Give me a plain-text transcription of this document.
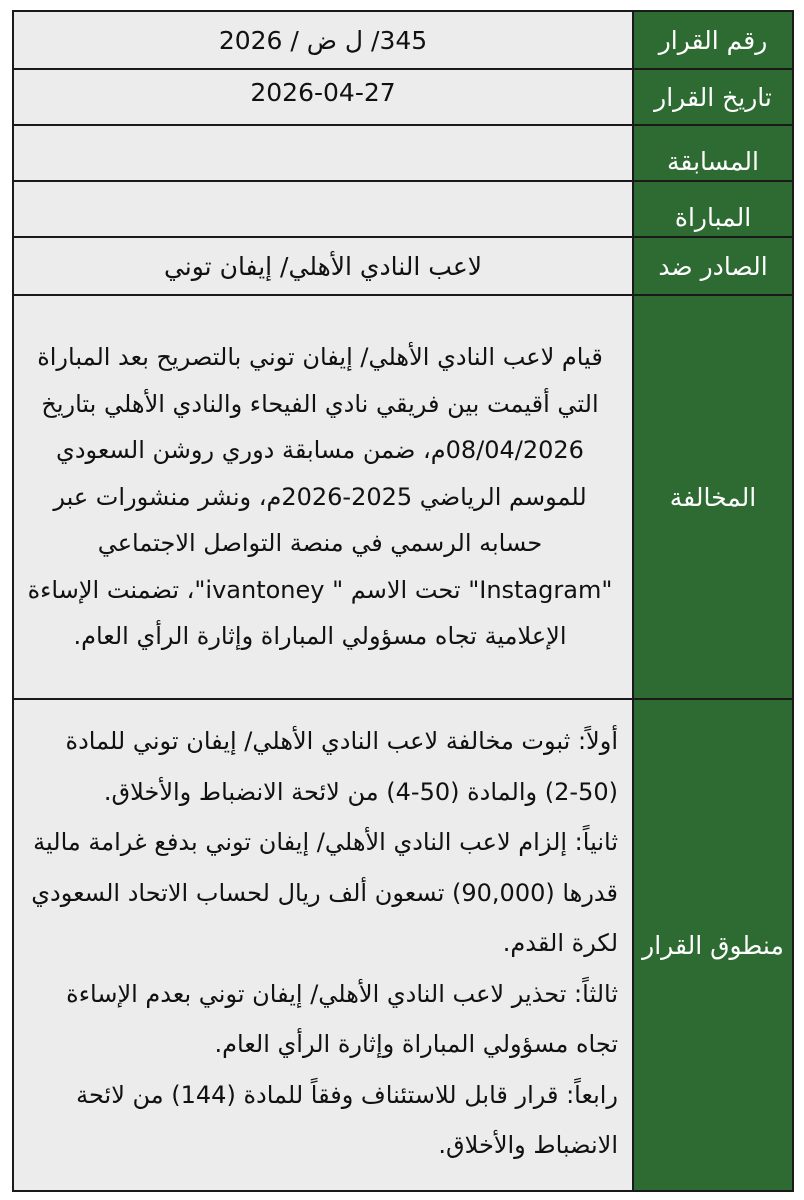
رقم القرار
345/ ل ض / 2026
تاريخ القرار
2026-04-27
المسابقة
المباراة
الصادر ضد
لاعب النادي الأهلي/ إيفان توني
المخالفة
قيام لاعب النادي الأهلي/ إيفان توني بالتصريح بعد المباراة التي أقيمت بين فريقي نادي الفيحاء والنادي الأهلي بتاريخ 08/04/2026م، ضمن مسابقة دوري روشن السعودي للموسم الرياضي 2025-2026م، ونشر منشورات عبر حسابه الرسمي في منصة التواصل الاجتماعي "Instagram" تحت الاسم " ivantoney"، تضمنت الإساءة الإعلامية تجاه مسؤولي المباراة وإثارة الرأي العام.
منطوق القرار
أولاً: ثبوت مخالفة لاعب النادي الأهلي/ إيفان توني للمادة (50-2) والمادة (50-4) من لائحة الانضباط والأخلاق.
ثانياً: إلزام لاعب النادي الأهلي/ إيفان توني بدفع غرامة مالية قدرها (90,000) تسعون ألف ريال لحساب الاتحاد السعودي لكرة القدم.
ثالثاً: تحذير لاعب النادي الأهلي/ إيفان توني بعدم الإساءة تجاه مسؤولي المباراة وإثارة الرأي العام.
رابعاً: قرار قابل للاستئناف وفقاً للمادة (144) من لائحة الانضباط والأخلاق.
